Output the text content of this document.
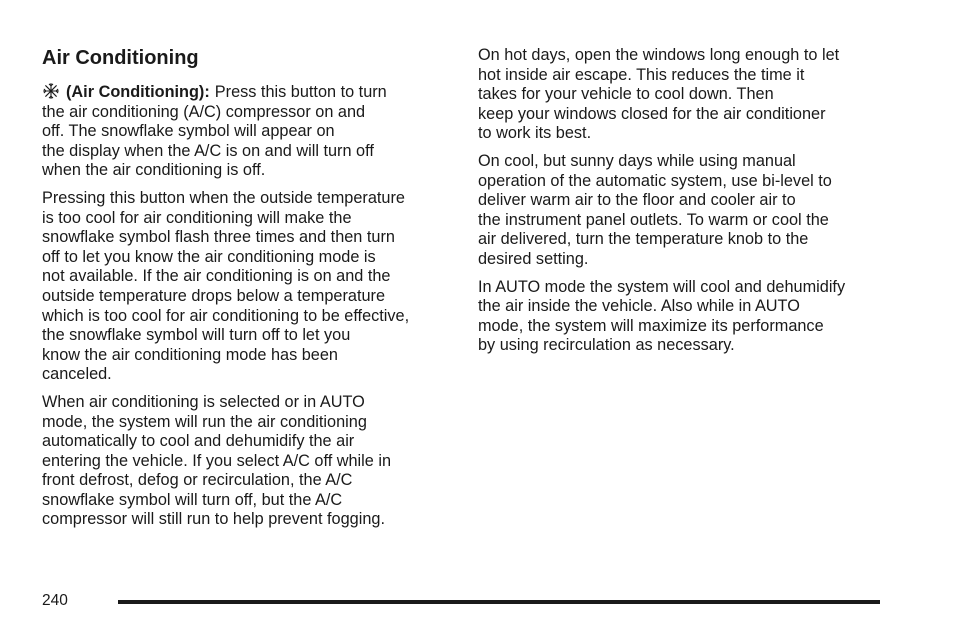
Air Conditioning

(Air Conditioning): Press this button to turn
the air conditioning (A/C) compressor on and
off. The snowflake symbol will appear on
the display when the A/C is on and will turn off
when the air conditioning is off.

Pressing this button when the outside temperature
is too cool for air conditioning will make the
snowflake symbol flash three times and then turn
off to let you know the air conditioning mode is
not available. If the air conditioning is on and the
outside temperature drops below a temperature
which is too cool for air conditioning to be effective,
the snowflake symbol will turn off to let you
know the air conditioning mode has been
canceled.

When air conditioning is selected or in AUTO
mode, the system will run the air conditioning
automatically to cool and dehumidify the air
entering the vehicle. If you select A/C off while in
front defrost, defog or recirculation, the A/C
snowflake symbol will turn off, but the A/C
compressor will still run to help prevent fogging.

On hot days, open the windows long enough to let
hot inside air escape. This reduces the time it
takes for your vehicle to cool down. Then
keep your windows closed for the air conditioner
to work its best.

On cool, but sunny days while using manual
operation of the automatic system, use bi-level to
deliver warm air to the floor and cooler air to
the instrument panel outlets. To warm or cool the
air delivered, turn the temperature knob to the
desired setting.

In AUTO mode the system will cool and dehumidify
the air inside the vehicle. Also while in AUTO
mode, the system will maximize its performance
by using recirculation as necessary.

240
